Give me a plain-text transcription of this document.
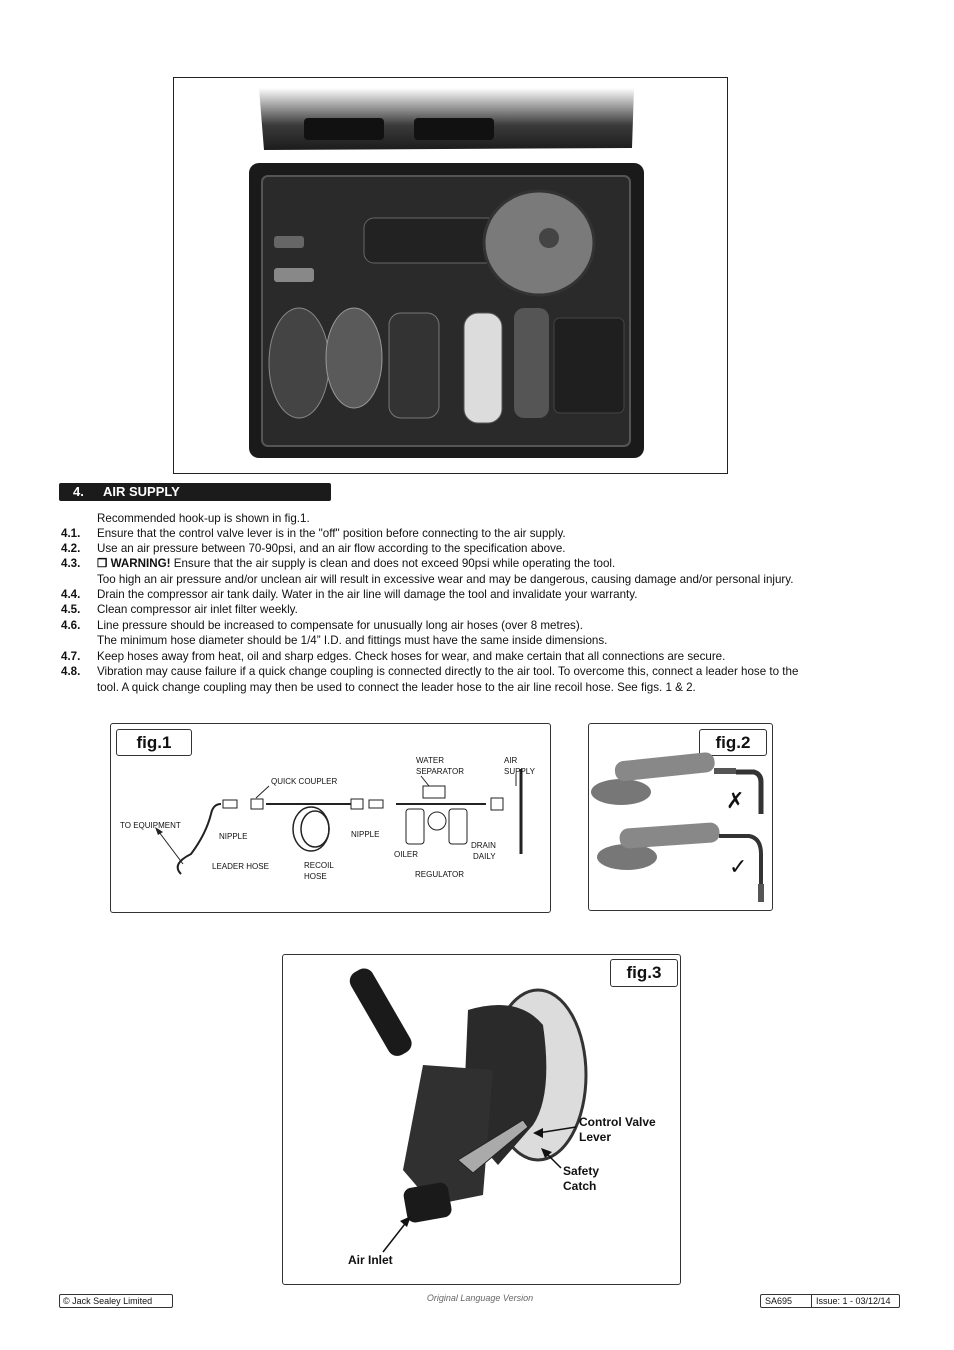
4. AIR SUPPLY
Recommended hook-up is shown in fig.1.
4.1. Ensure that the control valve lever is in the "off" position before connecting to the air supply.
4.2. Use an air pressure between 70-90psi, and an air flow according to the specification above.
4.3. ❒ WARNING! Ensure that the air supply is clean and does not exceed 90psi while operating the tool.
Too high an air pressure and/or unclean air will result in excessive wear and may be dangerous, causing damage and/or personal injury.
4.4. Drain the compressor air tank daily. Water in the air line will damage the tool and invalidate your warranty.
4.5. Clean compressor air inlet filter weekly.
4.6. Line pressure should be increased to compensate for unusually long air hoses (over 8 metres).
The minimum hose diameter should be 1/4” I.D. and fittings must have the same inside dimensions.
4.7. Keep hoses away from heat, oil and sharp edges. Check hoses for wear, and make certain that all connections are secure.
4.8. Vibration may cause failure if a quick change coupling is connected directly to the air tool. To overcome this, connect a leader hose to the
tool. A quick change coupling may then be used to connect the leader hose to the air line recoil hose. See figs. 1 & 2.
fig.1
TO EQUIPMENT
NIPPLE
LEADER HOSE
QUICK COUPLER
RECOIL
HOSE
NIPPLE
WATER
SEPARATOR
OILER
REGULATOR
DRAIN
DAILY
AIR
SUPPLY
fig.2
✗
✓
fig.3
Control Valve
Lever
Safety
Catch
Air Inlet
© Jack Sealey Limited	Original Language Version	SA695	Issue: 1 - 03/12/14
